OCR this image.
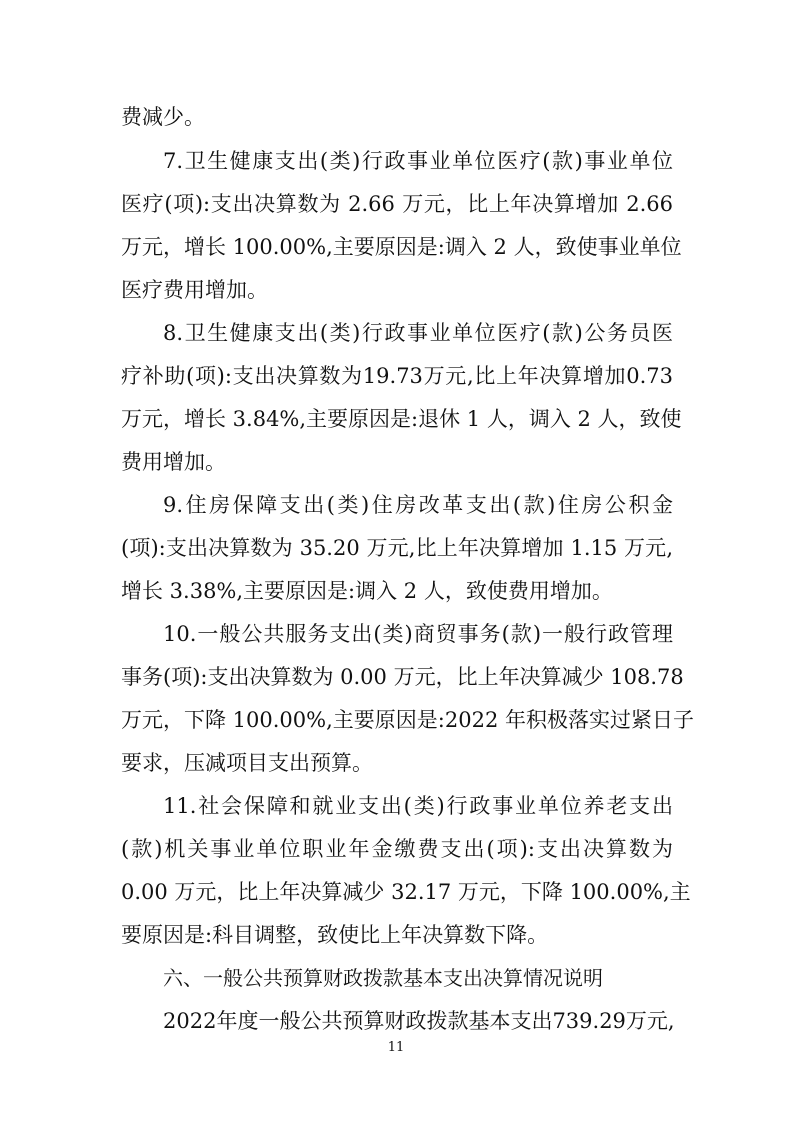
费减少。
7.卫生健康支出(类)行政事业单位医疗(款)事业单位
医疗(项):支出决算数为 2.66 万元，比上年决算增加 2.66
万元，增长 100.00%,主要原因是:调入 2 人，致使事业单位
医疗费用增加。
8.卫生健康支出(类)行政事业单位医疗(款)公务员医
疗补助(项):支出决算数为19.73万元,比上年决算增加0.73
万元，增长 3.84%,主要原因是:退休 1 人，调入 2 人，致使
费用增加。
9.住房保障支出(类)住房改革支出(款)住房公积金
(项):支出决算数为 35.20 万元,比上年决算增加 1.15 万元,
增长 3.38%,主要原因是:调入 2 人，致使费用增加。
10.一般公共服务支出(类)商贸事务(款)一般行政管理
事务(项):支出决算数为 0.00 万元，比上年决算减少 108.78
万元，下降 100.00%,主要原因是:2022 年积极落实过紧日子
要求，压减项目支出预算。
11.社会保障和就业支出(类)行政事业单位养老支出
(款)机关事业单位职业年金缴费支出(项):支出决算数为
0.00 万元，比上年决算减少 32.17 万元，下降 100.00%,主
要原因是:科目调整，致使比上年决算数下降。
六、一般公共预算财政拨款基本支出决算情况说明
2022年度一般公共预算财政拨款基本支出739.29万元,
11
